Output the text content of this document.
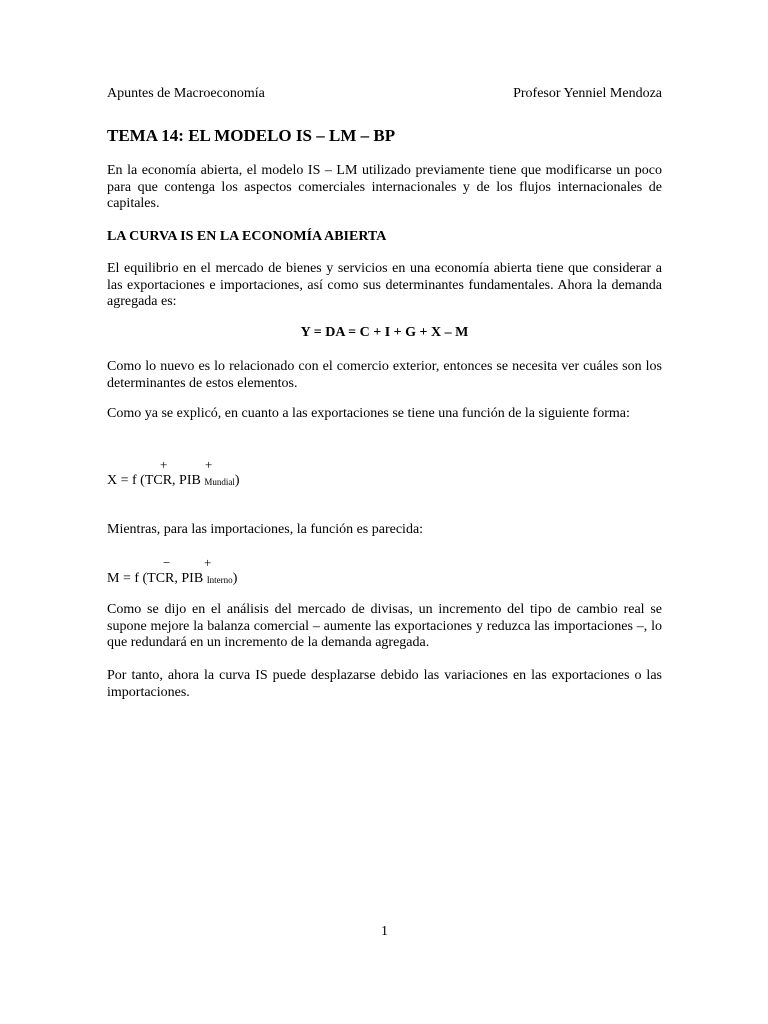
Apuntes de Macroeconomía	Profesor Yenniel Mendoza
TEMA 14: EL MODELO IS – LM – BP

En la economía abierta, el modelo IS – LM utilizado previamente tiene que modificarse un poco para que contenga los aspectos comerciales internacionales y de los flujos internacionales de capitales.

LA CURVA IS EN LA ECONOMÍA ABIERTA

El equilibrio en el mercado de bienes y servicios en una economía abierta tiene que considerar a las exportaciones e importaciones, así como sus determinantes fundamentales. Ahora la demanda agregada es:

Y = DA = C + I + G + X – M

Como lo nuevo es lo relacionado con el comercio exterior, entonces se necesita ver cuáles son los determinantes de estos elementos.

Como ya se explicó, en cuanto a las exportaciones se tiene una función de la siguiente forma:

+	+
X = f (TCR, PIB Mundial)

Mientras, para las importaciones, la función es parecida:

−	+
M = f (TCR, PIB Interno)

Como se dijo en el análisis del mercado de divisas, un incremento del tipo de cambio real se supone mejore la balanza comercial – aumente las exportaciones y reduzca las importaciones –, lo que redundará en un incremento de la demanda agregada.

Por tanto, ahora la curva IS puede desplazarse debido las variaciones en las exportaciones o las importaciones.

1
